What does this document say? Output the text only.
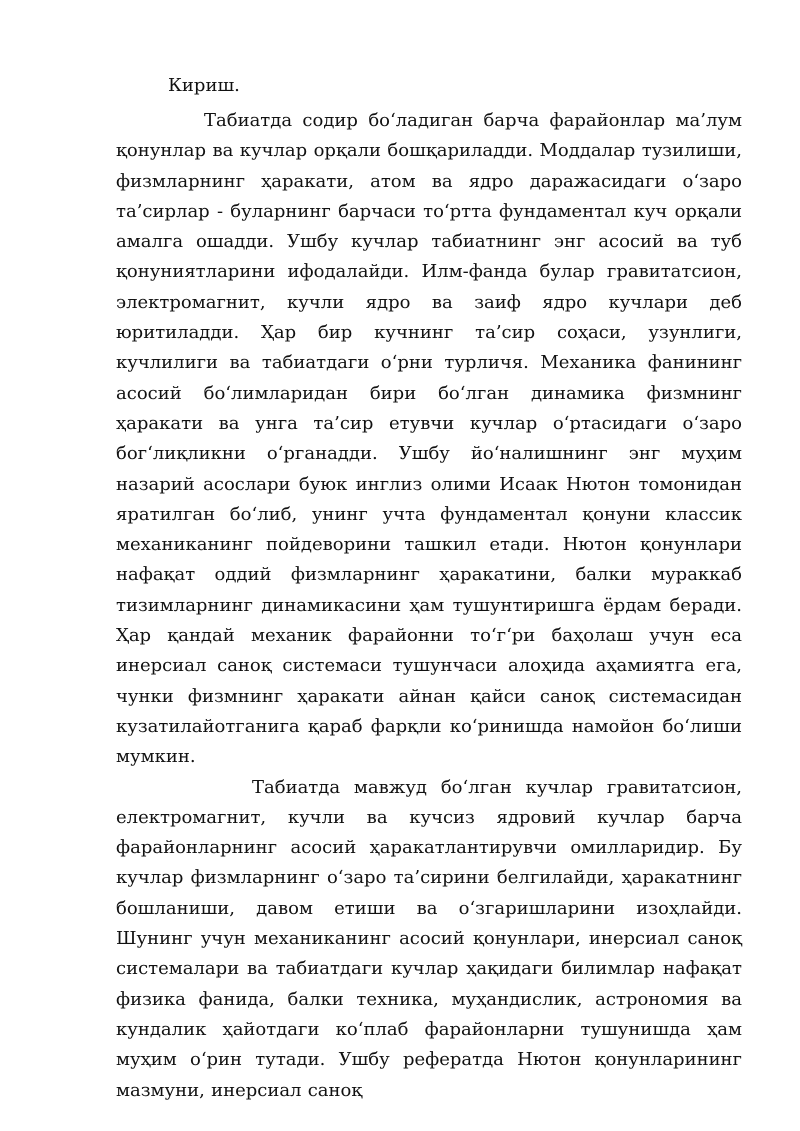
Кириш.

Табиатда содир бо‘ладиган барча фарайонлар ма’лум қонунлар ва кучлар орқали бошқариладди. Моддалар тузилиши, физмларнинг ҳаракати, атом ва ядро даражасидаги о‘заро та’сирлар - буларнинг барчаси то‘ртта фундаментал куч орқали амалга ошадди. Ушбу кучлар табиатнинг энг асосий ва туб қонуниятларини ифодалайди. Илм-фанда булар гравитатсион, электромагнит, кучли ядро ва заиф ядро кучлари деб юритиладди. Ҳар бир кучнинг та’сир соҳаси, узунлиги, кучлилиги ва табиатдаги о‘рни турличя. Механика фанининг асосий бо‘лимларидан бири бо‘лган динамика физмнинг ҳаракати ва унга та’сир етувчи кучлар о‘ртасидаги о‘заро бог‘лиқликни о‘рганадди. Ушбу йо‘налишнинг энг муҳим назарий асослари буюк инглиз олими Исаак Нютон томонидан яратилган бо‘либ, унинг учта фундаментал қонуни классик механиканинг пойдеворини ташкил етади. Нютон қонунлари нафақат оддий физмларнинг ҳаракатини, балки мураккаб тизимларнинг динамикасини ҳам тушунтиришга ёрдам беради. Ҳар қандай механик фарайонни то‘г‘ри баҳолаш учун еса инерсиал саноқ системаси тушунчаси алоҳида аҳамиятга ега, чунки физмнинг ҳаракати айнан қайси саноқ системасидан кузатилайотганига қараб фарқли ко‘ринишда намойон бо‘лиши мумкин.

Табиатда мавжуд бо‘лган кучлар гравитатсион, електромагнит, кучли ва кучсиз ядровий кучлар барча фарайонларнинг асосий ҳаракатлантирувчи омилларидир. Бу кучлар физмларнинг о‘заро та’сирини белгилайди, ҳаракатнинг бошланиши, давом етиши ва о‘згаришларини изоҳлайди. Шунинг учун механиканинг асосий қонунлари, инерсиал саноқ системалари ва табиатдаги кучлар ҳақидаги билимлар нафақат физика фанида, балки техника, муҳандислик, астрономия ва кундалик ҳайотдаги ко‘плаб фарайонларни тушунишда ҳам муҳим о‘рин тутади. Ушбу рефератда Нютон қонунларининг мазмуни, инерсиал саноқ
